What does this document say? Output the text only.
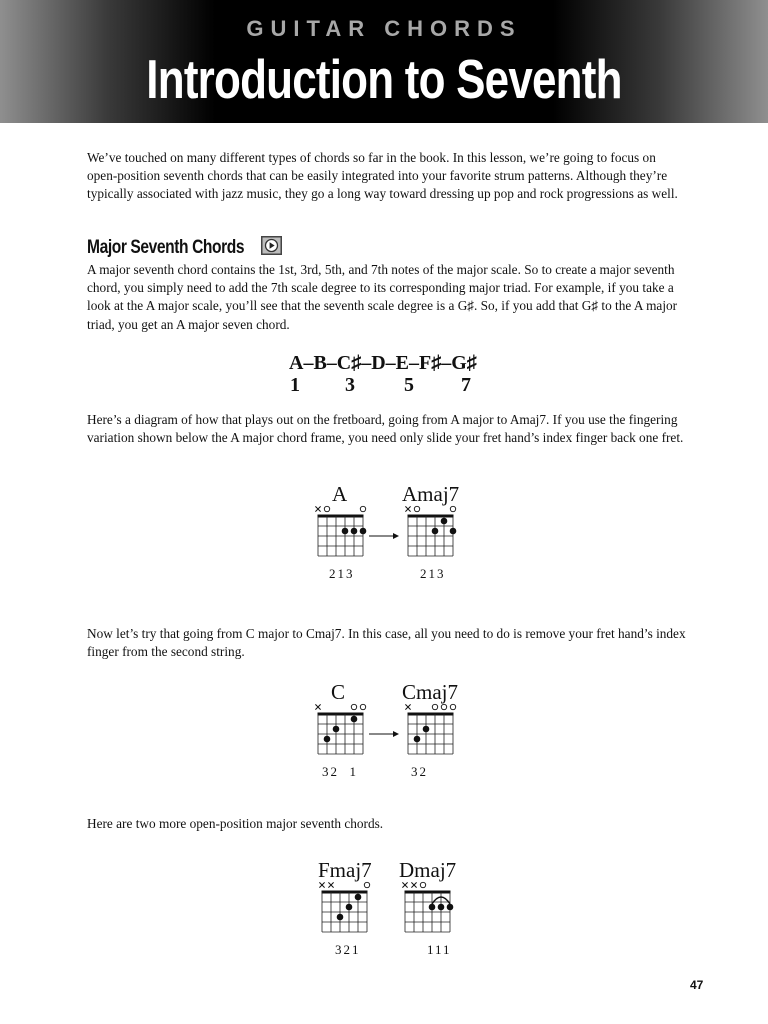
GUITAR CHORDS
Introduction to Seventh Chords

We’ve touched on many different types of chords so far in the book. In this lesson, we’re going to focus on open-position seventh chords that can be easily integrated into your favorite strum patterns. Although they’re typically associated with jazz music, they go a long way toward dressing up pop and rock progressions as well.

Major Seventh Chords

A major seventh chord contains the 1st, 3rd, 5th, and 7th notes of the major scale. So to create a major seventh chord, you simply need to add the 7th scale degree to its corresponding major triad. For example, if you take a look at the A major scale, you’ll see that the seventh scale degree is a G♯. So, if you add that G♯ to the A major triad, you get an A major seven chord.

A–B–C♯–D–E–F♯–G♯
1 3 5 7

Here’s a diagram of how that plays out on the fretboard, going from A major to Amaj7. If you use the fingering variation shown below the A major chord frame, you need only slide your fret hand’s index finger back one fret.

A
213
Amaj7
213

Now let’s try that going from C major to Cmaj7. In this case, all you need to do is remove your fret hand’s index finger from the second string.

C
32  1
Cmaj7
32

Here are two more open-position major seventh chords.

Fmaj7
321
Dmaj7
111
47
